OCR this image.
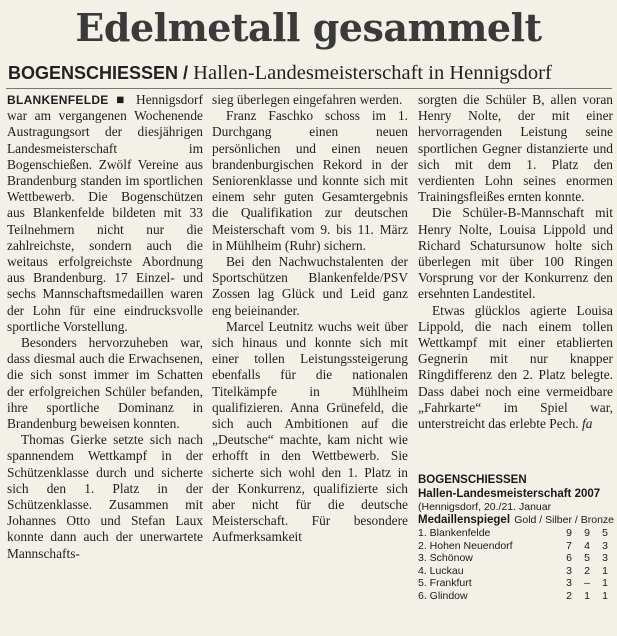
Edelmetall gesammelt
BOGENSCHIESSEN / Hallen-Landesmeisterschaft in Hennigsdorf

BLANKENFELDE ■ Hennigsdorf war am vergangenen Wochenende Austragungsort der diesjährigen Landesmeisterschaft im Bogenschießen. Zwölf Vereine aus Brandenburg standen im sportlichen Wettbewerb. Die Bogenschützen aus Blankenfelde bildeten mit 33 Teilnehmern nicht nur die zahlreichste, sondern auch die weitaus erfolgreichste Abordnung aus Brandenburg. 17 Einzel- und sechs Mannschaftsmedaillen waren der Lohn für eine eindrucksvolle sportliche Vorstellung.

Besonders hervorzuheben war, dass diesmal auch die Erwachsenen, die sich sonst immer im Schatten der erfolgreichen Schüler befanden, ihre sportliche Dominanz in Brandenburg beweisen konnten.

Thomas Gierke setzte sich nach spannendem Wettkampf in der Schützenklasse durch und sicherte sich den 1. Platz in der Schützenklasse. Zusammen mit Johannes Otto und Stefan Laux konnte dann auch der unerwartete Mannschafts-

sieg überlegen eingefahren werden.

Franz Faschko schoss im 1. Durchgang einen neuen persönlichen und einen neuen brandenburgischen Rekord in der Seniorenklasse und konnte sich mit einem sehr guten Gesamtergebnis die Qualifikation zur deutschen Meisterschaft vom 9. bis 11. März in Mühlheim (Ruhr) sichern.

Bei den Nachwuchstalenten der Sportschützen Blankenfelde/PSV Zossen lag Glück und Leid ganz eng beieinander.

Marcel Leutnitz wuchs weit über sich hinaus und konnte sich mit einer tollen Leistungssteigerung ebenfalls für die nationalen Titelkämpfe in Mühlheim qualifizieren. Anna Grünefeld, die sich auch Ambitionen auf die „Deutsche“ machte, kam nicht wie erhofft in den Wettbewerb. Sie sicherte sich wohl den 1. Platz in der Konkurrenz, qualifizierte sich aber nicht für die deutsche Meisterschaft. Für besondere Aufmerksamkeit

sorgten die Schüler B, allen voran Henry Nolte, der mit einer hervorragenden Leistung seine sportlichen Gegner distanzierte und sich mit dem 1. Platz den verdienten Lohn seines enormen Trainingsfleißes ernten konnte.

Die Schüler-B-Mannschaft mit Henry Nolte, Louisa Lippold und Richard Schatursunow holte sich überlegen mit über 100 Ringen Vorsprung vor der Konkurrenz den ersehnten Landestitel.

Etwas glücklos agierte Louisa Lippold, die nach einem tollen Wettkampf mit einer etablierten Gegnerin mit nur knapper Ringdifferenz den 2. Platz belegte. Dass dabei noch eine vermeidbare „Fahrkarte“ im Spiel war, unterstreicht das erlebte Pech. fa

BOGENSCHIESSEN
Hallen-Landesmeisterschaft 2007
(Hennigsdorf, 20./21. Januar
Medaillenspiegel Gold / Silber / Bronze
1. Blankenfelde	9	9	5
2. Hohen Neuendorf	7	4	3
3. Schönow	6	5	3
4. Luckau	3	2	1
5. Frankfurt	3	–	1
6. Glindow	2	1	1
